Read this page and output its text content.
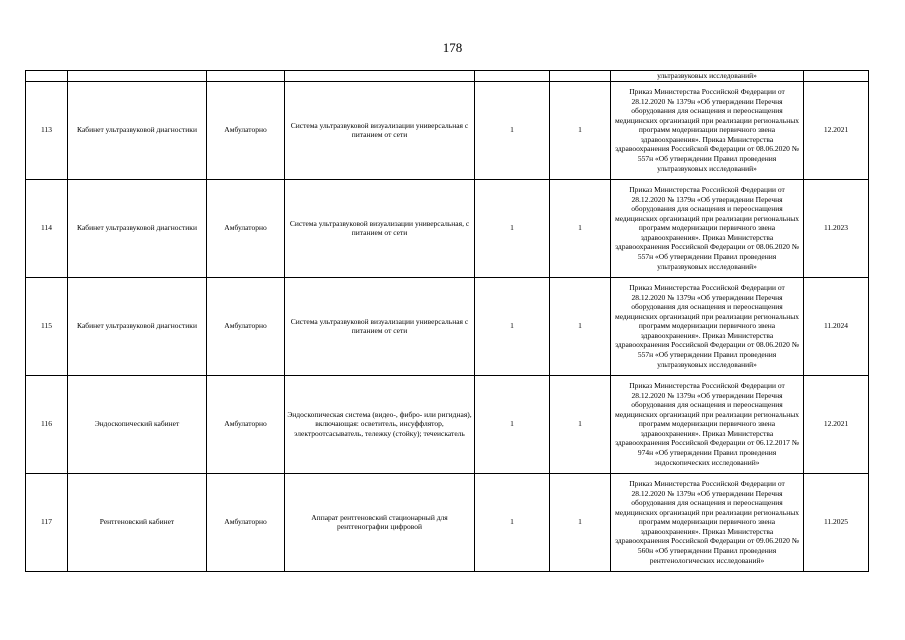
178
						ультразвуковых исследований»	
113	Кабинет ультразвуковой диагностики	Амбулаторно	Система ультразвуковой визуализации универсальная с питанием от сети	1	1	Приказ Министерства Российской Федерации от 28.12.2020 № 1379н «Об утверждении Перечня оборудования для оснащения и переоснащения медицинских организаций при реализации региональных программ модернизации первичного звена здравоохранения». Приказ Министерства здравоохранения Российской Федерации от 08.06.2020 № 557н «Об утверждении Правил проведения ультразвуковых исследований»	12.2021
114	Кабинет ультразвуковой диагностики	Амбулаторно	Система ультразвуковой визуализации универсальная, с питанием от сети	1	1	Приказ Министерства Российской Федерации от 28.12.2020 № 1379н «Об утверждении Перечня оборудования для оснащения и переоснащения медицинских организаций при реализации региональных программ модернизации первичного звена здравоохранения». Приказ Министерства здравоохранения Российской Федерации от 08.06.2020 № 557н «Об утверждении Правил проведения ультразвуковых исследований»	11.2023
115	Кабинет ультразвуковой диагностики	Амбулаторно	Система ультразвуковой визуализации универсальная с питанием от сети	1	1	Приказ Министерства Российской Федерации от 28.12.2020 № 1379н «Об утверждении Перечня оборудования для оснащения и переоснащения медицинских организаций при реализации региональных программ модернизации первичного звена здравоохранения». Приказ Министерства здравоохранения Российской Федерации от 08.06.2020 № 557н «Об утверждении Правил проведения ультразвуковых исследований»	11.2024
116	Эндоскопический кабинет	Амбулаторно	Эндоскопическая система (видео-, фибро- или ригидная), включающая: осветитель, инсуффлятор, электроотсасыватель, тележку (стойку); течеискатель	1	1	Приказ Министерства Российской Федерации от 28.12.2020 № 1379н «Об утверждении Перечня оборудования для оснащения и переоснащения медицинских организаций при реализации региональных программ модернизации первичного звена здравоохранения». Приказ Министерства здравоохранения Российской Федерации от 06.12.2017 № 974н «Об утверждении Правил проведения эндоскопических исследований»	12.2021
117	Рентгеновский кабинет	Амбулаторно	Аппарат рентгеновский стационарный для рентгенографии цифровой	1	1	Приказ Министерства Российской Федерации от 28.12.2020 № 1379н «Об утверждении Перечня оборудования для оснащения и переоснащения медицинских организаций при реализации региональных программ модернизации первичного звена здравоохранения». Приказ Министерства здравоохранения Российской Федерации от 09.06.2020 № 560н «Об утверждении Правил проведения рентгенологических исследований»	11.2025
